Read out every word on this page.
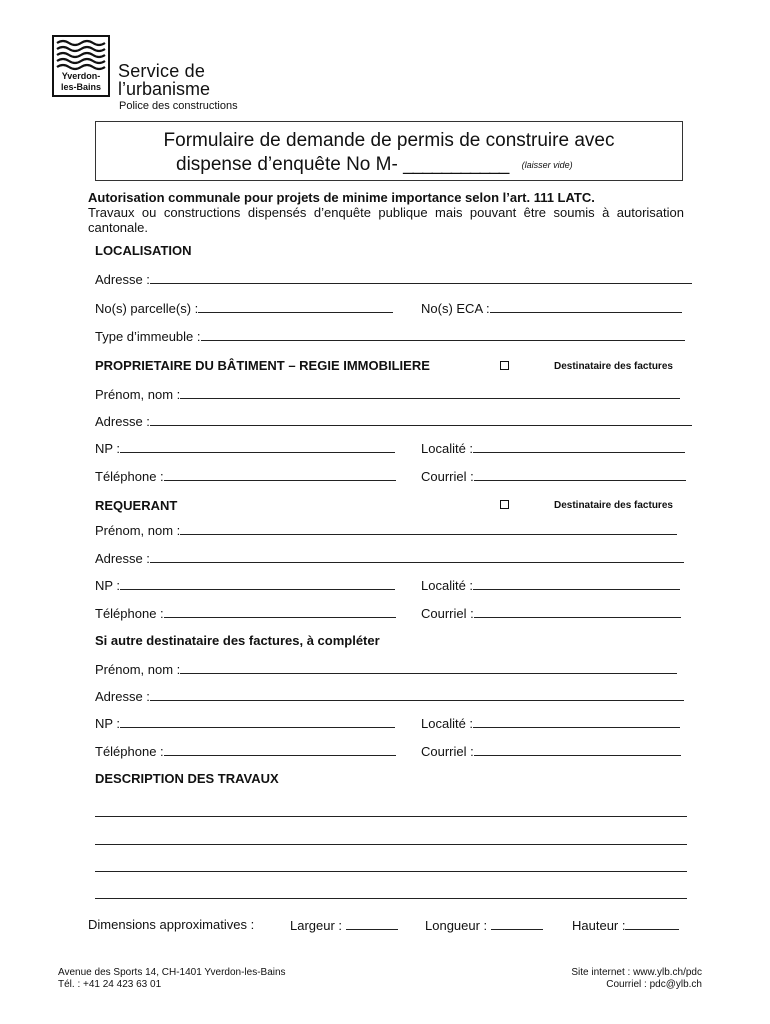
Yverdon-
les-Bains
Service de
l’urbanisme
Police des constructions
Formulaire de demande de permis de construire avec
dispense d’enquête No M- ___________ (laisser vide)
Autorisation communale pour projets de minime importance selon l’art. 111 LATC.
Travaux ou constructions dispensés d’enquête publique mais pouvant être soumis à autorisation cantonale.
LOCALISATION
Adresse :
No(s) parcelle(s) :	No(s) ECA :
Type d’immeuble :
PROPRIETAIRE DU BÂTIMENT – REGIE IMMOBILIERE	Destinataire des factures
Prénom, nom :
Adresse :
NP :	Localité :
Téléphone :	Courriel :
REQUERANT	Destinataire des factures
Prénom, nom :
Adresse :
NP :	Localité :
Téléphone :	Courriel :
Si autre destinataire des factures, à compléter
Prénom, nom :
Adresse :
NP :	Localité :
Téléphone :	Courriel :
DESCRIPTION DES TRAVAUX
Dimensions approximatives :	Largeur :	Longueur :	Hauteur :
Avenue des Sports 14, CH-1401 Yverdon-les-Bains
Tél. : +41 24 423 63 01
Site internet : www.ylb.ch/pdc
Courriel : pdc@ylb.ch
